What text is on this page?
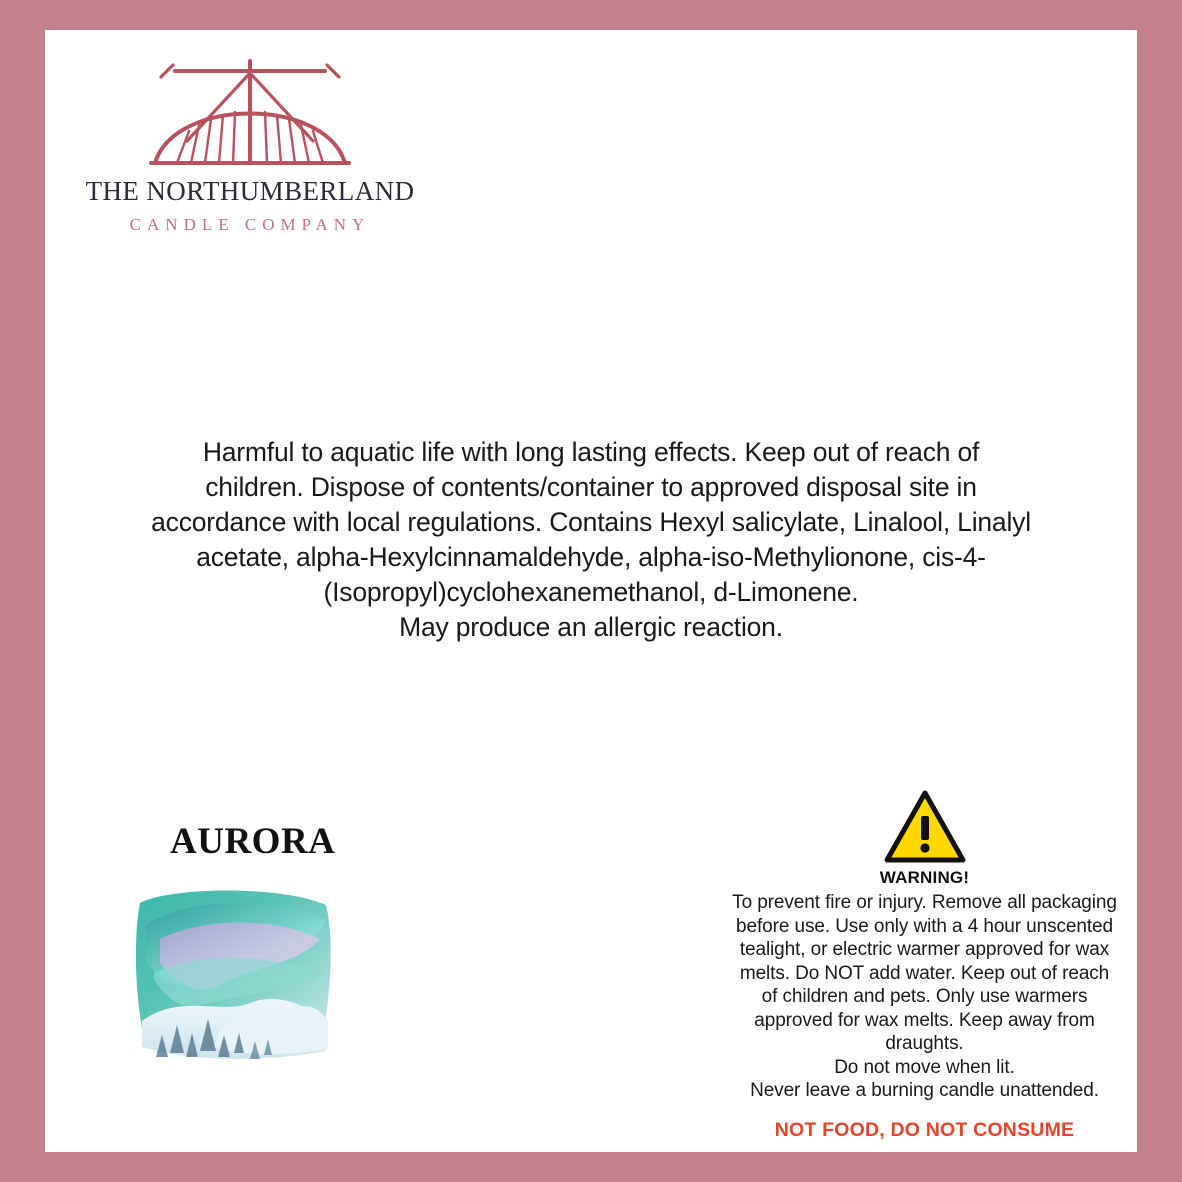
THE NORTHUMBERLAND
CANDLE COMPANY
Harmful to aquatic life with long lasting effects. Keep out of reach of children. Dispose of contents/container to approved disposal site in accordance with local regulations. Contains Hexyl salicylate, Linalool, Linalyl acetate, alpha-Hexylcinnamaldehyde, alpha-iso-Methylionone, cis-4-(Isopropyl)cyclohexanemethanol, d-Limonene.
May produce an allergic reaction.
AURORA
WARNING!
To prevent fire or injury. Remove all packaging before use. Use only with a 4 hour unscented tealight, or electric warmer approved for wax melts. Do NOT add water. Keep out of reach of children and pets. Only use warmers approved for wax melts. Keep away from draughts.
Do not move when lit.
Never leave a burning candle unattended.
NOT FOOD, DO NOT CONSUME
